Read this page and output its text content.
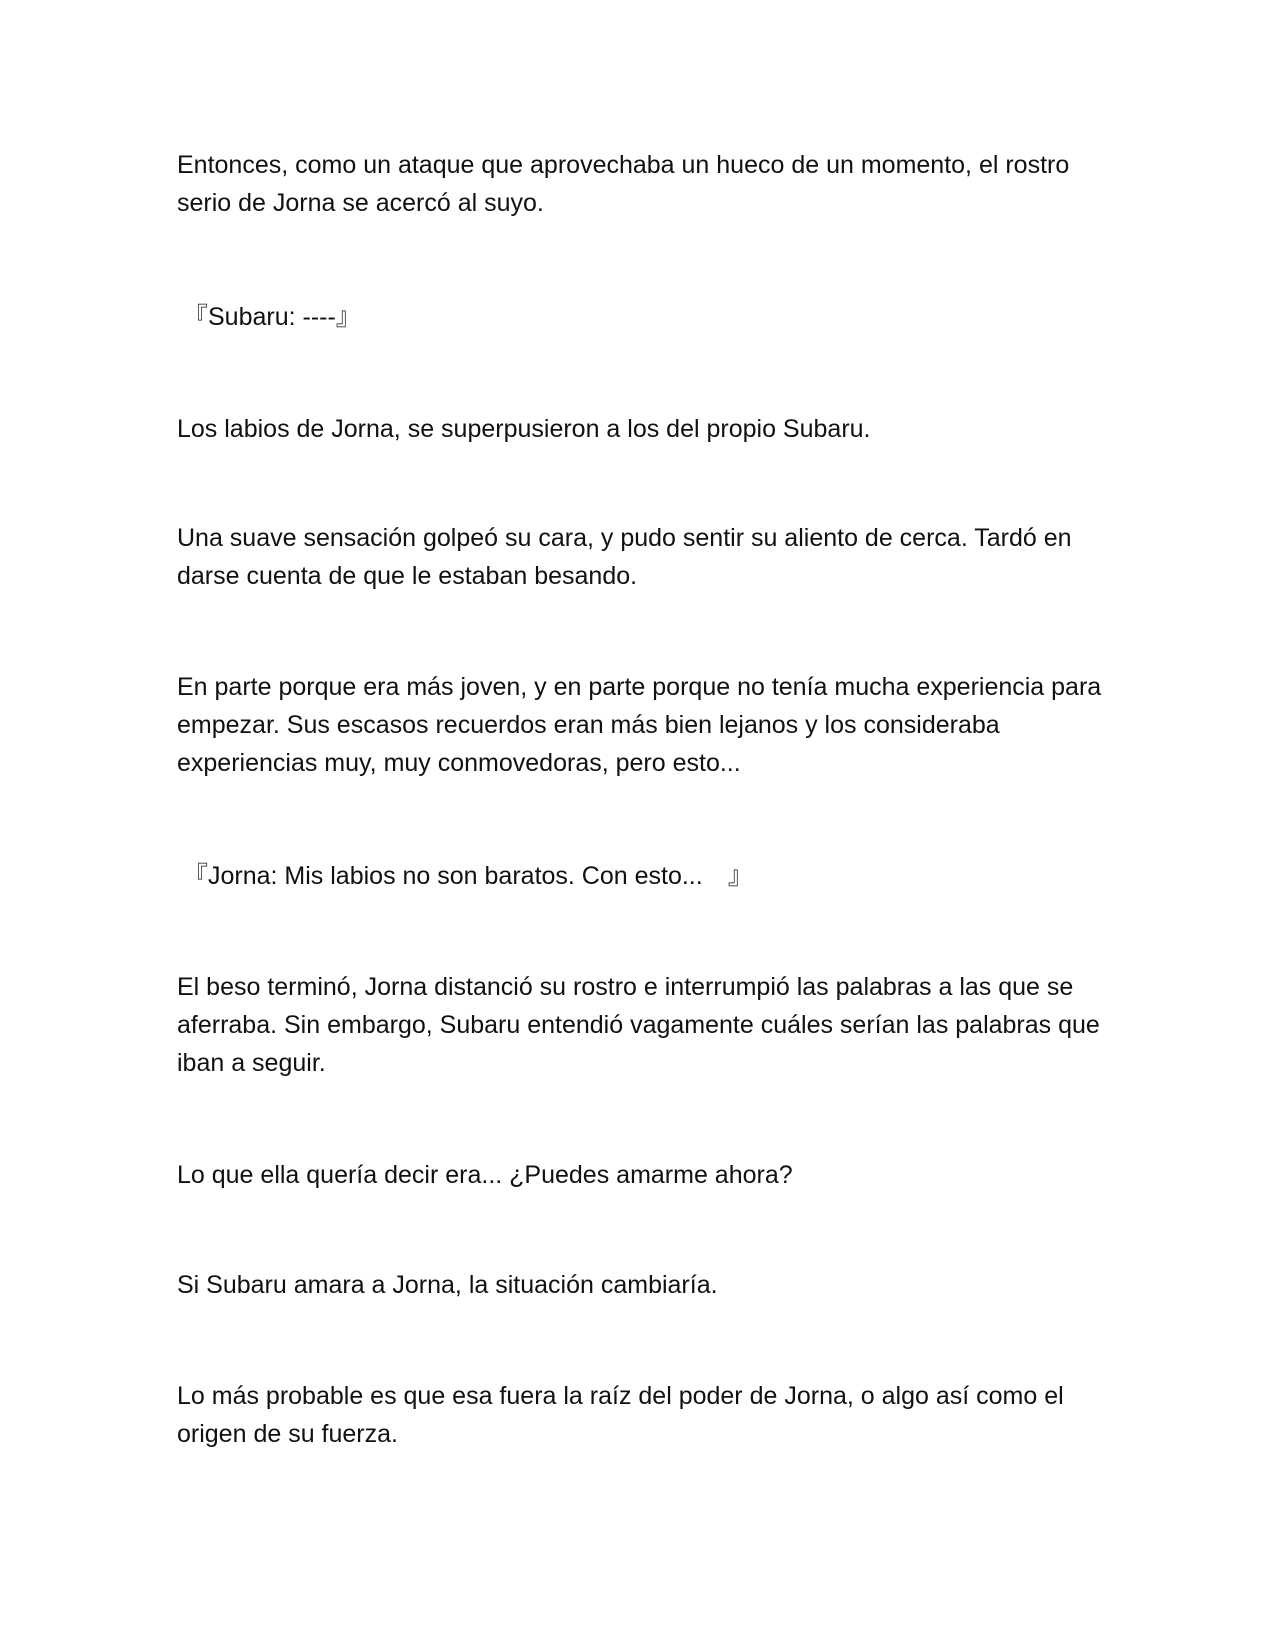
Entonces, como un ataque que aprovechaba un hueco de un momento, el rostro serio de Jorna se acercó al suyo.

『Subaru: ----』

Los labios de Jorna, se superpusieron a los del propio Subaru.

Una suave sensación golpeó su cara, y pudo sentir su aliento de cerca. Tardó en darse cuenta de que le estaban besando.

En parte porque era más joven, y en parte porque no tenía mucha experiencia para empezar. Sus escasos recuerdos eran más bien lejanos y los consideraba experiencias muy, muy conmovedoras, pero esto...

『Jorna: Mis labios no son baratos. Con esto...　』

El beso terminó, Jorna distanció su rostro e interrumpió las palabras a las que se aferraba. Sin embargo, Subaru entendió vagamente cuáles serían las palabras que iban a seguir.

Lo que ella quería decir era... ¿Puedes amarme ahora?

Si Subaru amara a Jorna, la situación cambiaría.

Lo más probable es que esa fuera la raíz del poder de Jorna, o algo así como el origen de su fuerza.
